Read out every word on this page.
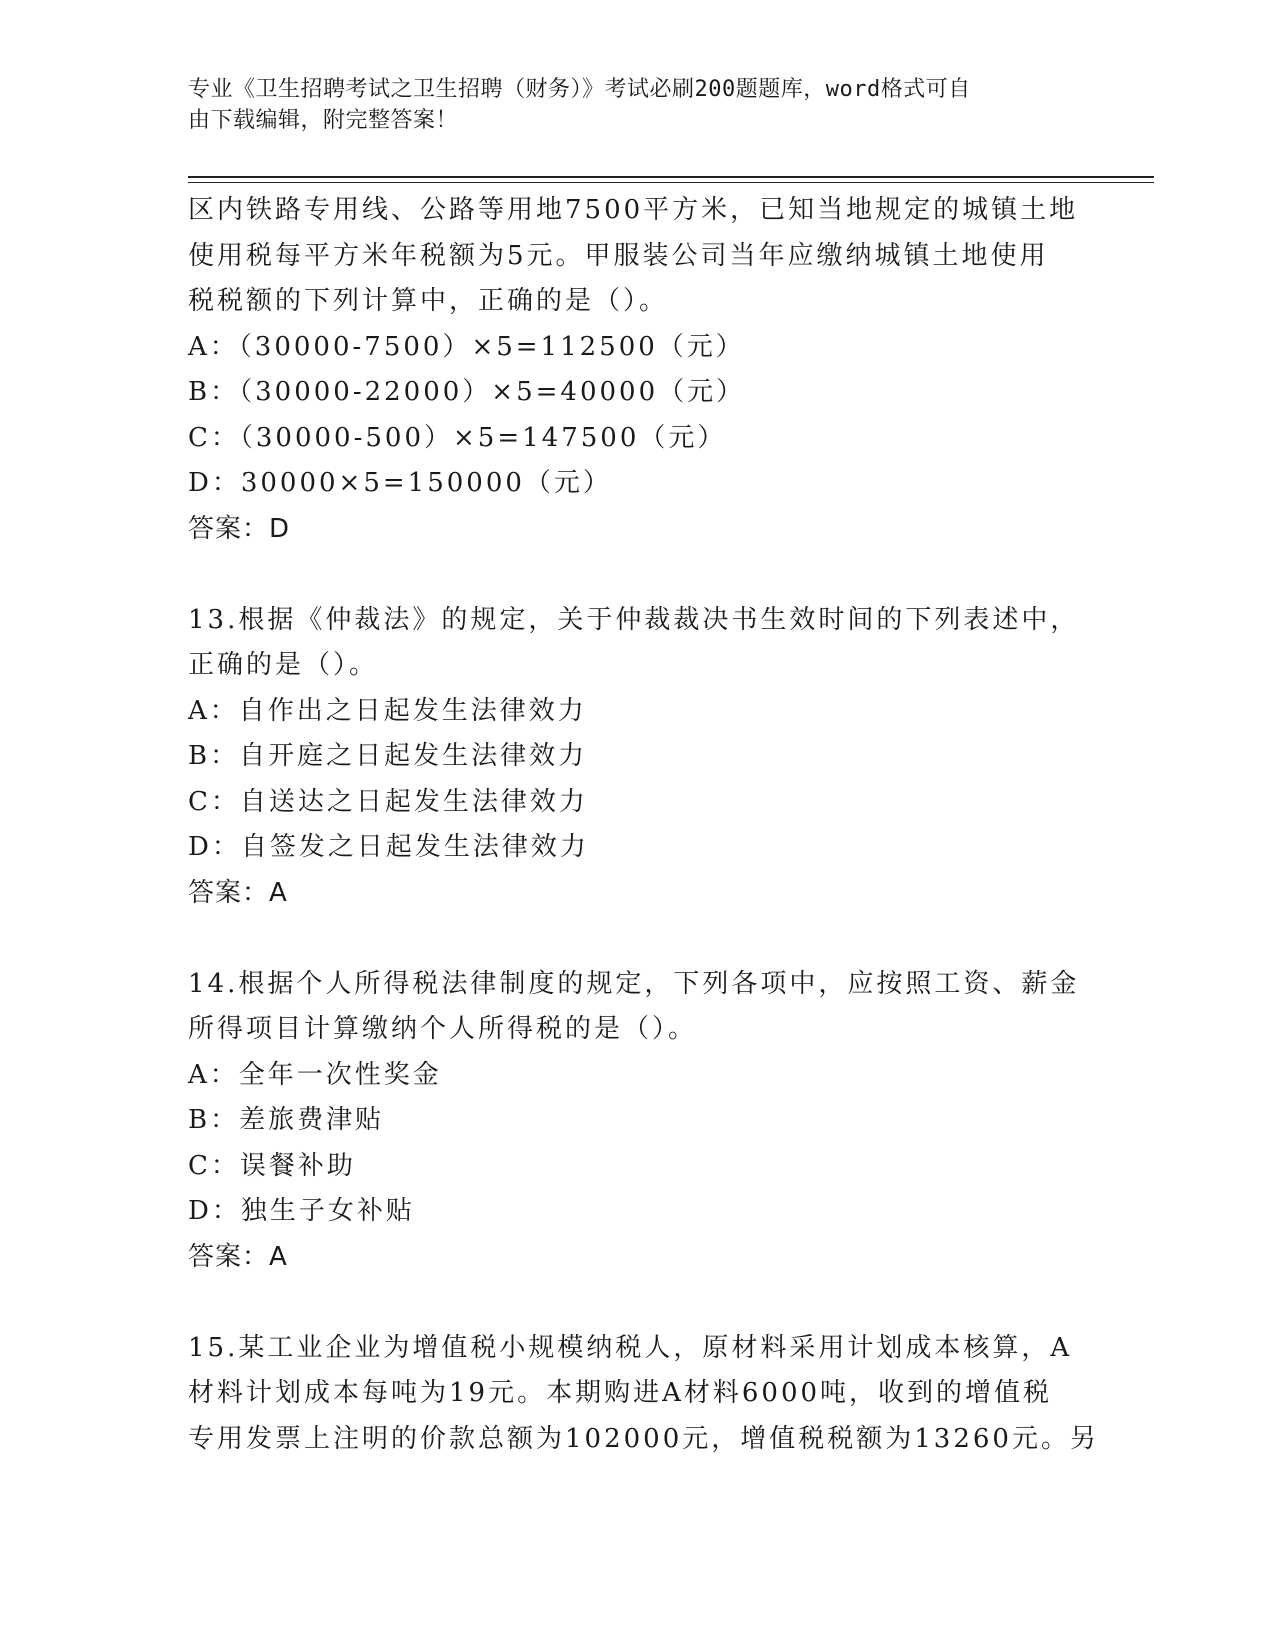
专业《卫生招聘考试之卫生招聘（财务）》考试必刷200题题库，word格式可自
由下载编辑，附完整答案！
区内铁路专用线、公路等用地7500平方米，已知当地规定的城镇土地
使用税每平方米年税额为5元。甲服装公司当年应缴纳城镇土地使用
税税额的下列计算中，正确的是（）。
A：（30000-7500）×5=112500（元）
B：（30000-22000）×5=40000（元）
C：（30000-500）×5=147500（元）
D：30000×5=150000（元）
答案：D
13.根据《仲裁法》的规定，关于仲裁裁决书生效时间的下列表述中，
正确的是（）。
A：自作出之日起发生法律效力
B：自开庭之日起发生法律效力
C：自送达之日起发生法律效力
D：自签发之日起发生法律效力
答案：A
14.根据个人所得税法律制度的规定，下列各项中，应按照工资、薪金
所得项目计算缴纳个人所得税的是（）。
A：全年一次性奖金
B：差旅费津贴
C：误餐补助
D：独生子女补贴
答案：A
15.某工业企业为增值税小规模纳税人，原材料采用计划成本核算，A
材料计划成本每吨为19元。本期购进A材料6000吨，收到的增值税
专用发票上注明的价款总额为102000元，增值税税额为13260元。另
